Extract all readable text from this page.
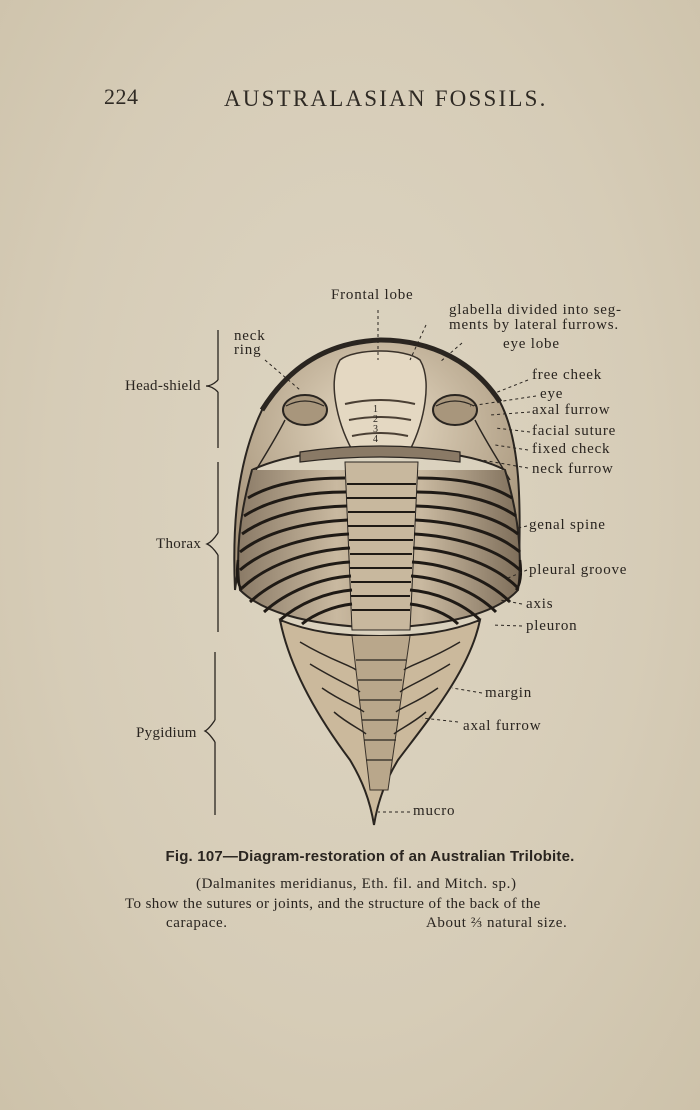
224	AUSTRALASIAN FOSSILS.
1
2
3
4
Frontal lobe
glabella divided into seg-
ments by lateral furrows.
neck
ring	eye lobe
free cheek
eye
axal furrow
facial suture
fixed check
neck furrow
genal spine
pleural groove
axis
pleuron
margin
axal furrow
mucro
Head-shield
Thorax
Pygidium
Fig. 107—Diagram-restoration of an Australian Trilobite.
(Dalmanites meridianus, Eth. fil. and Mitch. sp.)
To show the sutures or joints, and the structure of the back of the
carapace.	About ⅔ natural size.
